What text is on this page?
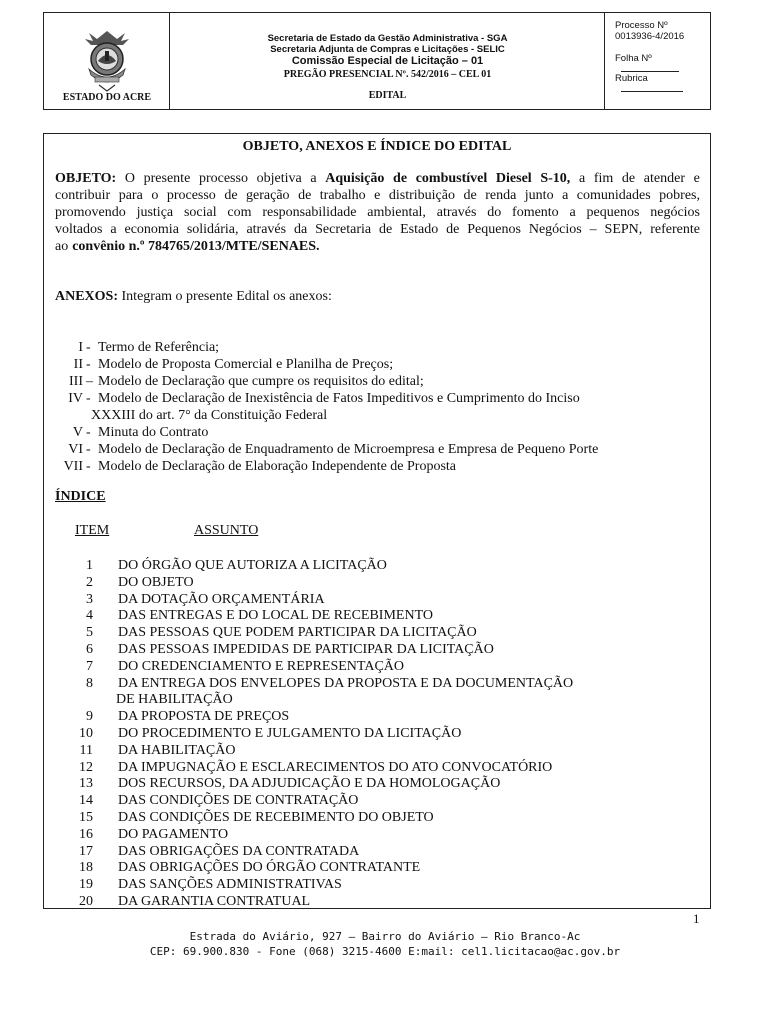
ESTADO DO ACRE
Secretaria de Estado da Gestão Administrativa - SGA
Secretaria Adjunta de Compras e Licitações - SELIC
Comissão Especial de Licitação – 01
PREGÃO PRESENCIAL Nº. 542/2016 – CEL 01
EDITAL
Processo Nº 0013936-4/2016
Folha Nº
Rubrica
OBJETO, ANEXOS E ÍNDICE DO EDITAL
OBJETO: O presente processo objetiva a Aquisição de combustível Diesel S-10, a fim de atender e
contribuir para o processo de geração de trabalho e distribuição de renda junto a comunidades pobres,
promovendo justiça social com responsabilidade ambiental, através do fomento a pequenos negócios
voltados a economia solidária, através da Secretaria de Estado de Pequenos Negócios – SEPN, referente
ao convênio n.º 784765/2013/MTE/SENAES.
ANEXOS: Integram o presente Edital os anexos:
I - Termo de Referência;
II - Modelo de Proposta Comercial e Planilha de Preços;
III – Modelo de Declaração que cumpre os requisitos do edital;
IV - Modelo de Declaração de Inexistência de Fatos Impeditivos e Cumprimento do Inciso
XXXIII do art. 7° da Constituição Federal
V - Minuta do Contrato
VI - Modelo de Declaração de Enquadramento de Microempresa e Empresa de Pequeno Porte
VII - Modelo de Declaração de Elaboração Independente de Proposta
ÍNDICE
ITEM	ASSUNTO
1 DO ÓRGÃO QUE AUTORIZA A LICITAÇÃO
2 DO OBJETO
3 DA DOTAÇÃO ORÇAMENTÁRIA
4 DAS ENTREGAS E DO LOCAL DE RECEBIMENTO
5 DAS PESSOAS QUE PODEM PARTICIPAR DA LICITAÇÃO
6 DAS PESSOAS IMPEDIDAS DE PARTICIPAR DA LICITAÇÃO
7 DO CREDENCIAMENTO E REPRESENTAÇÃO
8 DA ENTREGA DOS ENVELOPES DA PROPOSTA E DA DOCUMENTAÇÃO
DE HABILITAÇÃO
9 DA PROPOSTA DE PREÇOS
10 DO PROCEDIMENTO E JULGAMENTO DA LICITAÇÃO
11 DA HABILITAÇÃO
12 DA IMPUGNAÇÃO E ESCLARECIMENTOS DO ATO CONVOCATÓRIO
13 DOS RECURSOS, DA ADJUDICAÇÃO E DA HOMOLOGAÇÃO
14 DAS CONDIÇÕES DE CONTRATAÇÃO
15 DAS CONDIÇÕES DE RECEBIMENTO DO OBJETO
16 DO PAGAMENTO
17 DAS OBRIGAÇÕES DA CONTRATADA
18 DAS OBRIGAÇÕES DO ÓRGÃO CONTRATANTE
19 DAS SANÇÕES ADMINISTRATIVAS
20 DA GARANTIA CONTRATUAL
1
Estrada do Aviário, 927 – Bairro do Aviário – Rio Branco-Ac
CEP: 69.900.830 - Fone (068) 3215-4600 E:mail: cel1.licitacao@ac.gov.br
